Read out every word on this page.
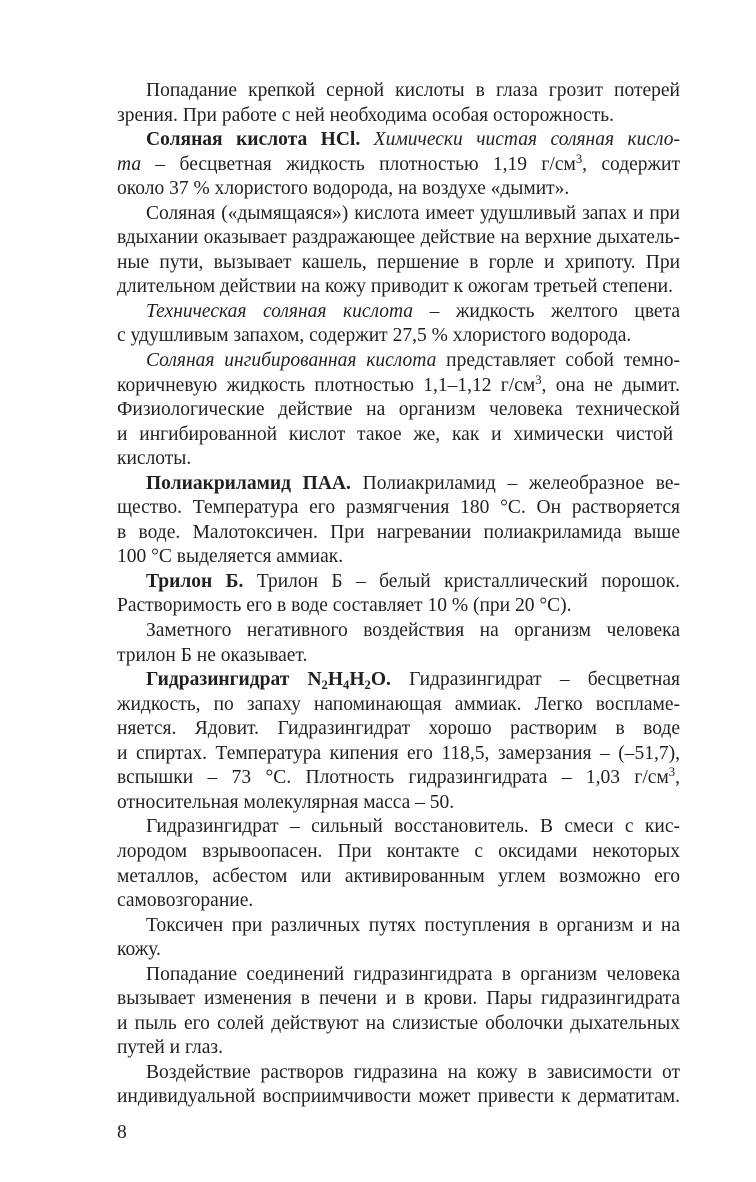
Попадание крепкой серной кислоты в глаза грозит потерей
зрения. При работе с ней необходима особая осторожность.
Соляная кислота HCl. Химически чистая соляная кисло-
та – бесцветная жидкость плотностью 1,19 $г/см^3$, содержит
около 37 % хлористого водорода, на воздухе «дымит».
Соляная («дымящаяся») кислота имеет удушливый запах и при
вдыхании оказывает раздражающее действие на верхние дыхатель-
ные пути, вызывает кашель, першение в горле и хрипоту. При
длительном действии на кожу приводит к ожогам третьей степени.
Техническая соляная кислота – жидкость желтого цвета
с удушливым запахом, содержит 27,5 % хлористого водорода.
Соляная ингибированная кислота представляет собой темно-
коричневую жидкость плотностью 1,1–1,12 $г/см^3$, она не дымит.
Физиологические действие на организм человека технической
и ингибированной кислот такое же, как и химически чистой
кислоты.
Полиакриламид ПАА. Полиакриламид – желеобразное ве-
щество. Температура его размягчения 180 °С. Он растворяется
в воде. Малотоксичен. При нагревании полиакриламида выше
100 °С выделяется аммиак.
Трилон Б. Трилон Б – белый кристаллический порошок.
Растворимость его в воде составляет 10 % (при 20 °С).
Заметного негативного воздействия на организм человека
трилон Б не оказывает.
Гидразингидрат $N_2H_4H_2O$. Гидразингидрат – бесцветная
жидкость, по запаху напоминающая аммиак. Легко воспламе-
няется. Ядовит. Гидразингидрат хорошо растворим в воде
и спиртах. Температура кипения его 118,5, замерзания – (–51,7),
вспышки – 73 °С. Плотность гидразингидрата – 1,03 $г/см^3$,
относительная молекулярная масса – 50.
Гидразингидрат – сильный восстановитель. В смеси с кис-
лородом взрывоопасен. При контакте с оксидами некоторых
металлов, асбестом или активированным углем возможно его
самовозгорание.
Токсичен при различных путях поступления в организм и на
кожу.
Попадание соединений гидразингидрата в организм человека
вызывает изменения в печени и в крови. Пары гидразингидрата
и пыль его солей действуют на слизистые оболочки дыхательных
путей и глаз.
Воздействие растворов гидразина на кожу в зависимости от
индивидуальной восприимчивости может привести к дерматитам.
8
